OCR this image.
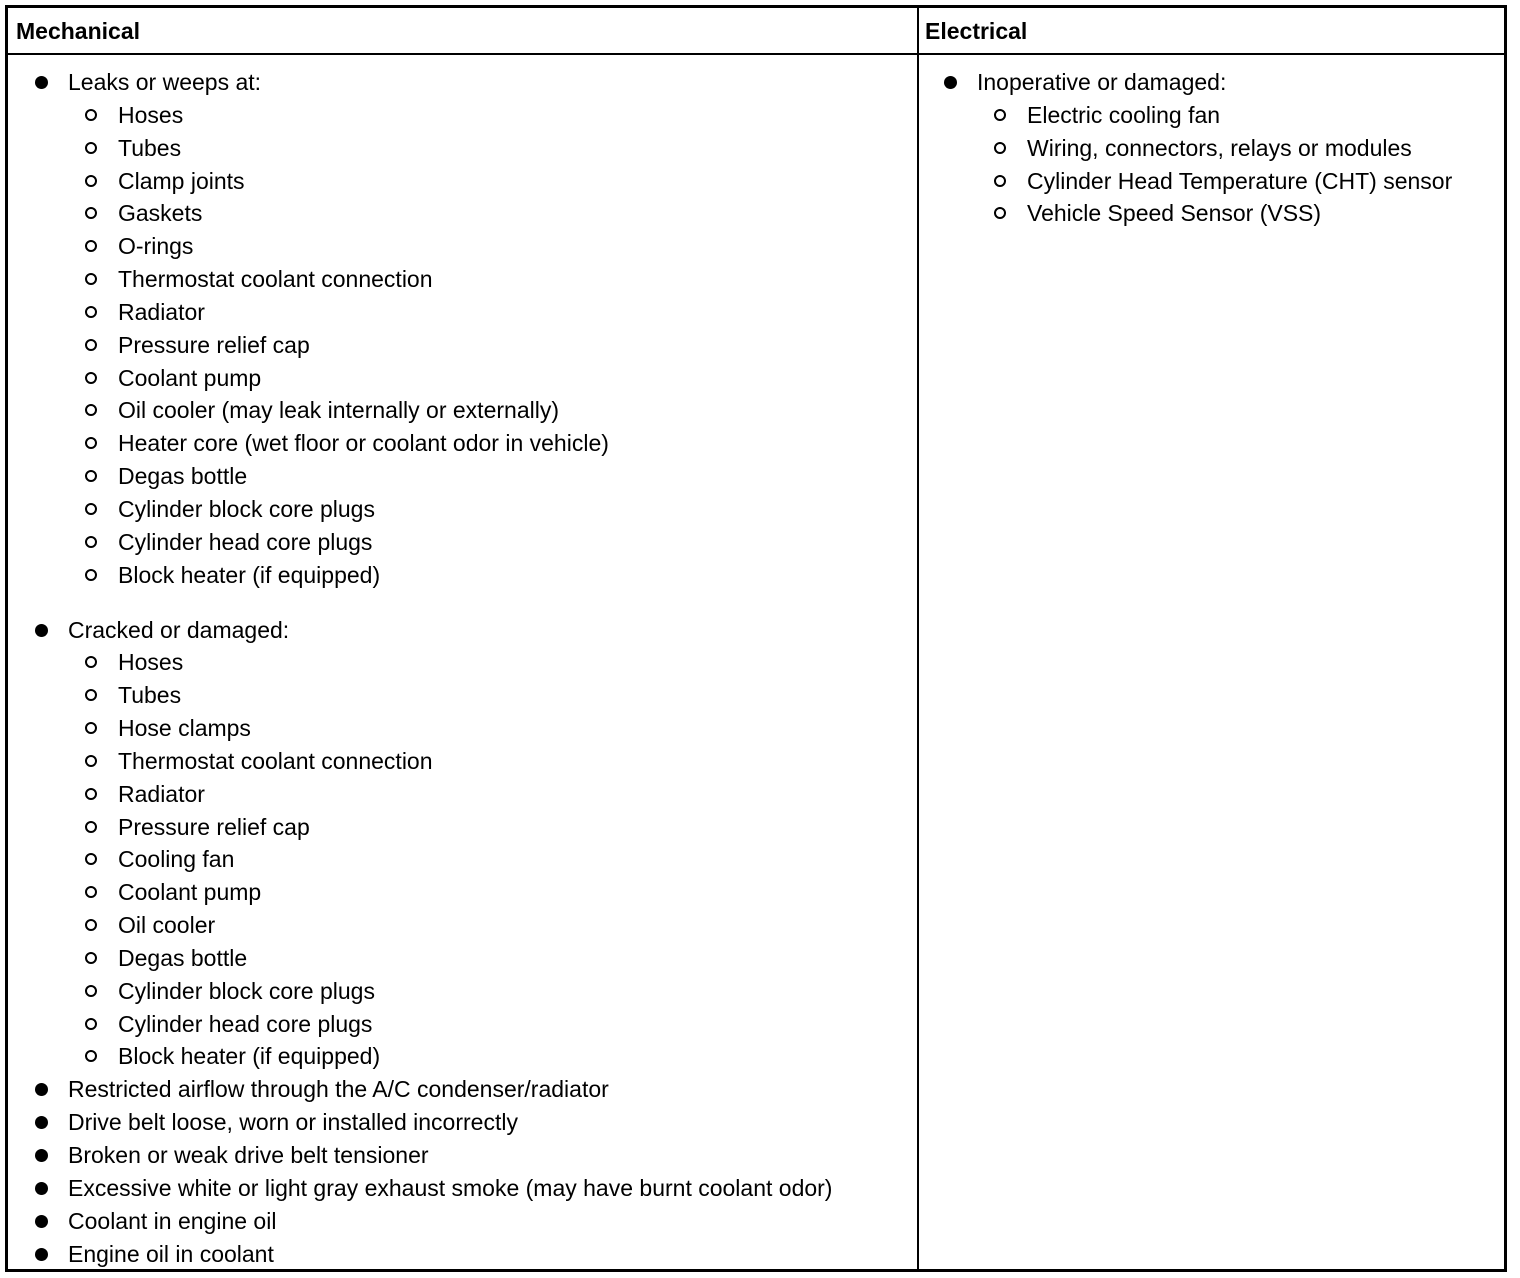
Mechanical	Electrical
Leaks or weeps at:
Hoses
Tubes
Clamp joints
Gaskets
O-rings
Thermostat coolant connection
Radiator
Pressure relief cap
Coolant pump
Oil cooler (may leak internally or externally)
Heater core (wet floor or coolant odor in vehicle)
Degas bottle
Cylinder block core plugs
Cylinder head core plugs
Block heater (if equipped)
Cracked or damaged:
Hoses
Tubes
Hose clamps
Thermostat coolant connection
Radiator
Pressure relief cap
Cooling fan
Coolant pump
Oil cooler
Degas bottle
Cylinder block core plugs
Cylinder head core plugs
Block heater (if equipped)
Restricted airflow through the A/C condenser/radiator
Drive belt loose, worn or installed incorrectly
Broken or weak drive belt tensioner
Excessive white or light gray exhaust smoke (may have burnt coolant odor)
Coolant in engine oil
Engine oil in coolant
Inoperative or damaged:
Electric cooling fan
Wiring, connectors, relays or modules
Cylinder Head Temperature (CHT) sensor
Vehicle Speed Sensor (VSS)
